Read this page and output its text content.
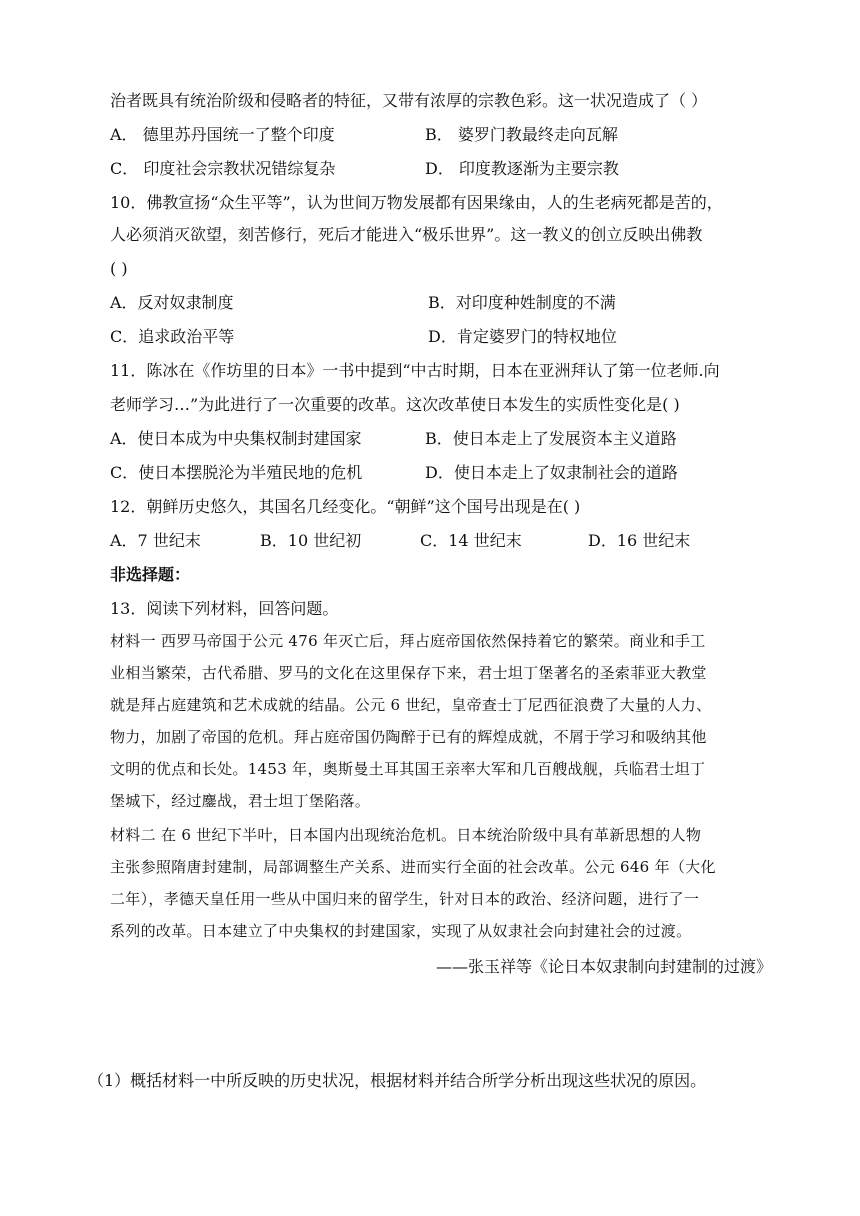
治者既具有统治阶级和侵略者的特征，又带有浓厚的宗教色彩。这一状况造成了（ ）
A． 德里苏丹国统一了整个印度	B． 婆罗门教最终走向瓦解
C． 印度社会宗教状况错综复杂	D． 印度教逐渐为主要宗教
10．佛教宣扬“众生平等”，认为世间万物发展都有因果缘由，人的生老病死都是苦的，
人必须消灭欲望，刻苦修行，死后才能进入“极乐世界”。这一教义的创立反映出佛教
( )
A．反对奴隶制度	B．对印度种姓制度的不满
C．追求政治平等	D．肯定婆罗门的特权地位
11．陈冰在《作坊里的日本》一书中提到“中古时期，日本在亚洲拜认了第一位老师.向
老师学习…”为此进行了一次重要的改革。这次改革使日本发生的实质性变化是( )
A．使日本成为中央集权制封建国家	B．使日本走上了发展资本主义道路
C．使日本摆脱沦为半殖民地的危机	D．使日本走上了奴隶制社会的道路
12．朝鲜历史悠久，其国名几经变化。“朝鲜”这个国号出现是在( )
A．7 世纪末	B．10 世纪初	C．14 世纪末	D．16 世纪末
非选择题：
13．阅读下列材料，回答问题。
材料一 西罗马帝国于公元 476 年灭亡后，拜占庭帝国依然保持着它的繁荣。商业和手工
业相当繁荣，古代希腊、罗马的文化在这里保存下来，君士坦丁堡著名的圣索菲亚大教堂
就是拜占庭建筑和艺术成就的结晶。公元 6 世纪，皇帝查士丁尼西征浪费了大量的人力、
物力，加剧了帝国的危机。拜占庭帝国仍陶醉于已有的辉煌成就，不屑于学习和吸纳其他
文明的优点和长处。1453 年，奥斯曼土耳其国王亲率大军和几百艘战舰，兵临君士坦丁
堡城下，经过鏖战，君士坦丁堡陷落。
材料二 在 6 世纪下半叶，日本国内出现统治危机。日本统治阶级中具有革新思想的人物
主张参照隋唐封建制，局部调整生产关系、进而实行全面的社会改革。公元 646 年（大化
二年），孝德天皇任用一些从中国归来的留学生，针对日本的政治、经济问题，进行了一
系列的改革。日本建立了中央集权的封建国家，实现了从奴隶社会向封建社会的过渡。
——张玉祥等《论日本奴隶制向封建制的过渡》
（1）概括材料一中所反映的历史状况，根据材料并结合所学分析出现这些状况的原因。
